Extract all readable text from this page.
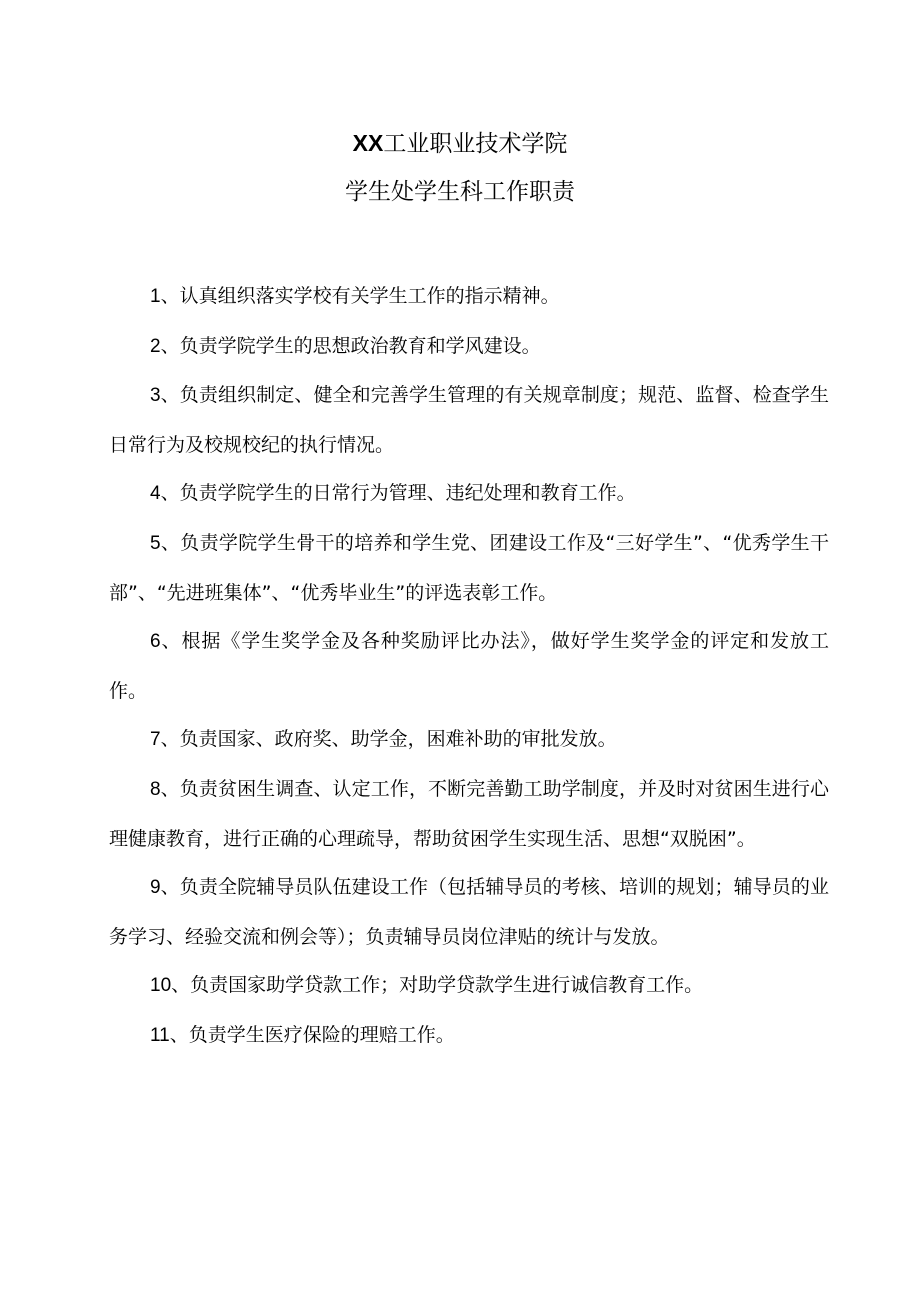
XX工业职业技术学院

学生处学生科工作职责

1、认真组织落实学校有关学生工作的指示精神。

2、负责学院学生的思想政治教育和学风建设。

3、负责组织制定、健全和完善学生管理的有关规章制度；规范、监督、检查学生日常行为及校规校纪的执行情况。

4、负责学院学生的日常行为管理、违纪处理和教育工作。

5、负责学院学生骨干的培养和学生党、团建设工作及“三好学生”、“优秀学生干部”、“先进班集体”、“优秀毕业生”的评选表彰工作。

6、根据《学生奖学金及各种奖励评比办法》，做好学生奖学金的评定和发放工作。

7、负责国家、政府奖、助学金，困难补助的审批发放。

8、负责贫困生调查、认定工作，不断完善勤工助学制度，并及时对贫困生进行心理健康教育，进行正确的心理疏导，帮助贫困学生实现生活、思想“双脱困”。

9、负责全院辅导员队伍建设工作（包括辅导员的考核、培训的规划；辅导员的业务学习、经验交流和例会等）；负责辅导员岗位津贴的统计与发放。

10、负责国家助学贷款工作；对助学贷款学生进行诚信教育工作。

11、负责学生医疗保险的理赔工作。
